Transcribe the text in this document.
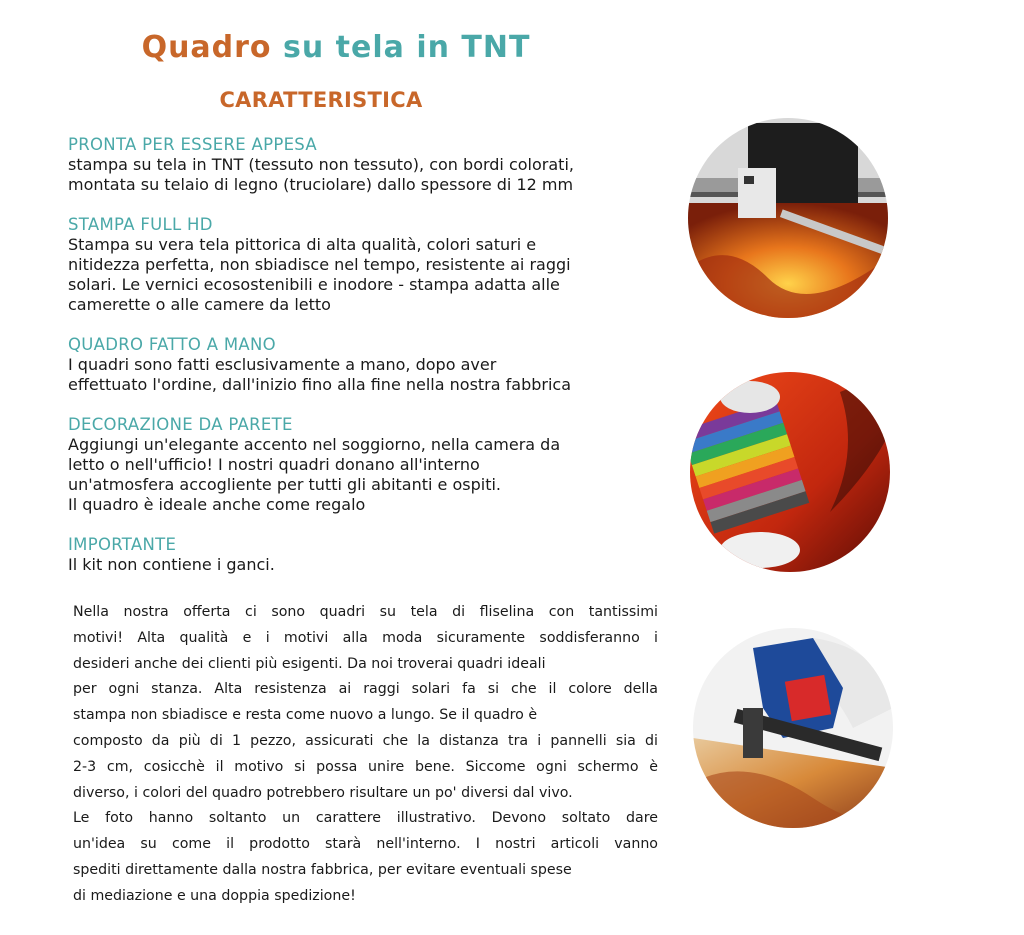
Quadro su tela in TNT
CARATTERISTICA
PRONTA PER ESSERE APPESA

stampa su tela in TNT (tessuto non tessuto), con bordi colorati,
montata su telaio di legno (truciolare) dallo spessore di 12 mm

STAMPA FULL HD

Stampa su vera tela pittorica di alta qualità, colori saturi e
nitidezza perfetta, non sbiadisce nel tempo, resistente ai raggi
solari. Le vernici ecosostenibili e inodore - stampa adatta alle
camerette o alle camere da letto

QUADRO FATTO A MANO

I quadri sono fatti esclusivamente a mano, dopo aver
effettuato l'ordine, dall'inizio fino alla fine nella nostra fabbrica

DECORAZIONE DA PARETE

Aggiungi un'elegante accento nel soggiorno, nella camera da
letto o nell'ufficio! I nostri quadri donano all'interno
un'atmosfera accogliente per tutti gli abitanti e ospiti.
Il quadro è ideale anche come regalo

IMPORTANTE

Il kit non contiene i ganci.

Nella nostra offerta ci sono quadri su tela di fliselina con tantissimi
motivi! Alta qualità e i motivi alla moda sicuramente soddisferanno i
desideri anche dei clienti più esigenti. Da noi troverai quadri ideali
per ogni stanza. Alta resistenza ai raggi solari fa si che il colore della
stampa non sbiadisce e resta come nuovo a lungo. Se il quadro è
composto da più di 1 pezzo, assicurati che la distanza tra i pannelli sia di
2-3 cm, cosicchè il motivo si possa unire bene. Siccome ogni schermo è
diverso, i colori del quadro potrebbero risultare un po' diversi dal vivo.
Le foto hanno soltanto un carattere illustrativo. Devono soltato dare
un'idea su come il prodotto starà nell'interno. I nostri articoli vanno
spediti direttamente dalla nostra fabbrica, per evitare eventuali spese
di mediazione e una doppia spedizione!
